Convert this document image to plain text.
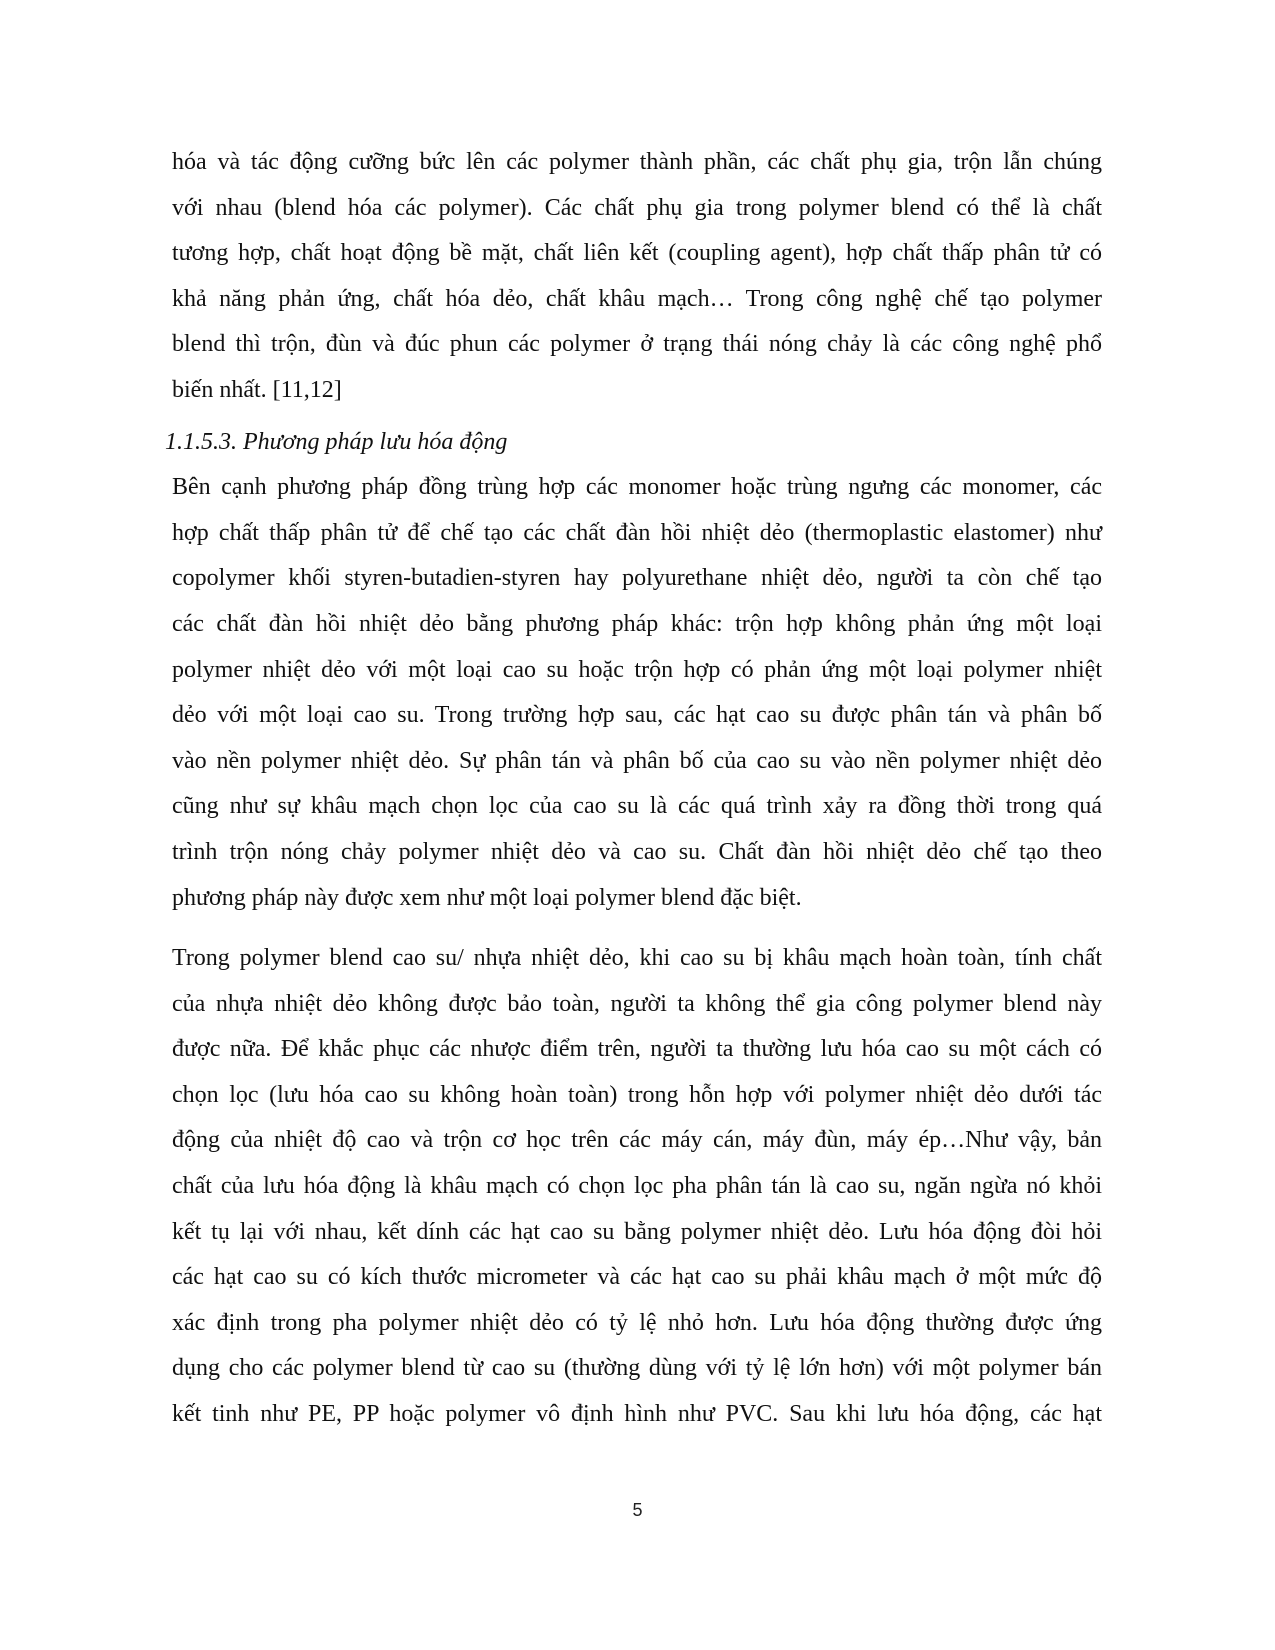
hóa và tác động cưỡng bức lên các polymer thành phần, các chất phụ gia, trộn lẫn chúng
với nhau (blend hóa các polymer). Các chất phụ gia trong polymer blend có thể là chất
tương hợp, chất hoạt động bề mặt, chất liên kết (coupling agent), hợp chất thấp phân tử có
khả năng phản ứng, chất hóa dẻo, chất khâu mạch… Trong công nghệ chế tạo polymer
blend thì trộn, đùn và đúc phun các polymer ở trạng thái nóng chảy là các công nghệ phổ
biến nhất. [11,12]

1.1.5.3. Phương pháp lưu hóa động

Bên cạnh phương pháp đồng trùng hợp các monomer hoặc trùng ngưng các monomer, các
hợp chất thấp phân tử để chế tạo các chất đàn hồi nhiệt dẻo (thermoplastic elastomer) như
copolymer khối styren-butadien-styren hay polyurethane nhiệt dẻo, người ta còn chế tạo
các chất đàn hồi nhiệt dẻo bằng phương pháp khác: trộn hợp không phản ứng một loại
polymer nhiệt dẻo với một loại cao su hoặc trộn hợp có phản ứng một loại polymer nhiệt
dẻo với một loại cao su. Trong trường hợp sau, các hạt cao su được phân tán và phân bố
vào nền polymer nhiệt dẻo. Sự phân tán và phân bố của cao su vào nền polymer nhiệt dẻo
cũng như sự khâu mạch chọn lọc của cao su là các quá trình xảy ra đồng thời trong quá
trình trộn nóng chảy polymer nhiệt dẻo và cao su. Chất đàn hồi nhiệt dẻo chế tạo theo
phương pháp này được xem như một loại polymer blend đặc biệt.

Trong polymer blend cao su/ nhựa nhiệt dẻo, khi cao su bị khâu mạch hoàn toàn, tính chất
của nhựa nhiệt dẻo không được bảo toàn, người ta không thể gia công polymer blend này
được nữa. Để khắc phục các nhược điểm trên, người ta thường lưu hóa cao su một cách có
chọn lọc (lưu hóa cao su không hoàn toàn) trong hỗn hợp với polymer nhiệt dẻo dưới tác
động của nhiệt độ cao và trộn cơ học trên các máy cán, máy đùn, máy ép…Như vậy, bản
chất của lưu hóa động là khâu mạch có chọn lọc pha phân tán là cao su, ngăn ngừa nó khỏi
kết tụ lại với nhau, kết dính các hạt cao su bằng polymer nhiệt dẻo. Lưu hóa động đòi hỏi
các hạt cao su có kích thước micrometer và các hạt cao su phải khâu mạch ở một mức độ
xác định trong pha polymer nhiệt dẻo có tỷ lệ nhỏ hơn. Lưu hóa động thường được ứng
dụng cho các polymer blend từ cao su (thường dùng với tỷ lệ lớn hơn) với một polymer bán
kết tinh như PE, PP hoặc polymer vô định hình như PVC. Sau khi lưu hóa động, các hạt

5
